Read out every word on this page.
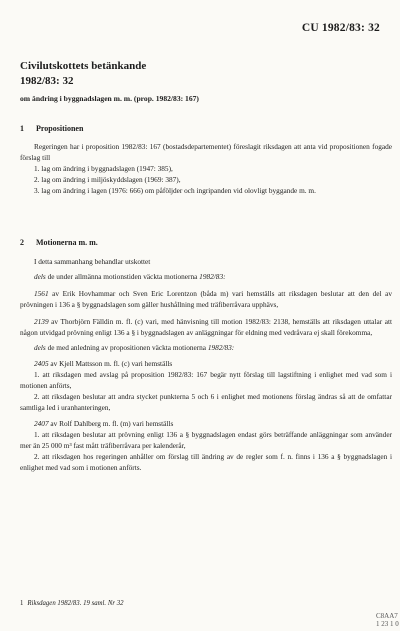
CU 1982/83: 32
Civilutskottets betänkande
1982/83: 32
om ändring i byggnadslagen m. m. (prop. 1982/83: 167)
1 Propositionen

Regeringen har i proposition 1982/83: 167 (bostadsdepartementet) föreslagit riksdagen att anta vid propositionen fogade förslag till

1. lag om ändring i byggnadslagen (1947: 385),

2. lag om ändring i miljöskyddslagen (1969: 387),

3. lag om ändring i lagen (1976: 666) om påföljder och ingripanden vid olovligt byggande m. m.

2 Motionerna m. m.

I detta sammanhang behandlar utskottet

dels de under allmänna motionstiden väckta motionerna 1982/83:

1561 av Erik Hovhammar och Sven Eric Lorentzon (båda m) vari hemställs att riksdagen beslutar att den del av prövningen i 136 a § byggnadslagen som gäller hushållning med träfiberråvara upphävs,

2139 av Thorbjörn Fälldin m. fl. (c) vari, med hänvisning till motion 1982/83: 2138, hemställs att riksdagen uttalar att någon utvidgad prövning enligt 136 a § i byggnadslagen av anläggningar för eldning med vedråvara ej skall förekomma,

dels de med anledning av propositionen väckta motionerna 1982/83:

2405 av Kjell Mattsson m. fl. (c) vari hemställs

1. att riksdagen med avslag på proposition 1982/83: 167 begär nytt förslag till lagstiftning i enlighet med vad som i motionen anförts,

2. att riksdagen beslutar att andra stycket punkterna 5 och 6 i enlighet med motionens förslag ändras så att de omfattar samtliga led i uranhanteringen,

2407 av Rolf Dahlberg m. fl. (m) vari hemställs

1. att riksdagen beslutar att prövning enligt 136 a § byggnadslagen endast görs beträffande anläggningar som använder mer än 25 000 m³ fast mått träfiberråvara per kalenderår,

2. att riksdagen hos regeringen anhåller om förslag till ändring av de regler som f. n. finns i 136 a § byggnadslagen i enlighet med vad som i motionen anförts.

1 Riksdagen 1982/83. 19 saml. Nr 32
C8AA7 1 23 1 0
